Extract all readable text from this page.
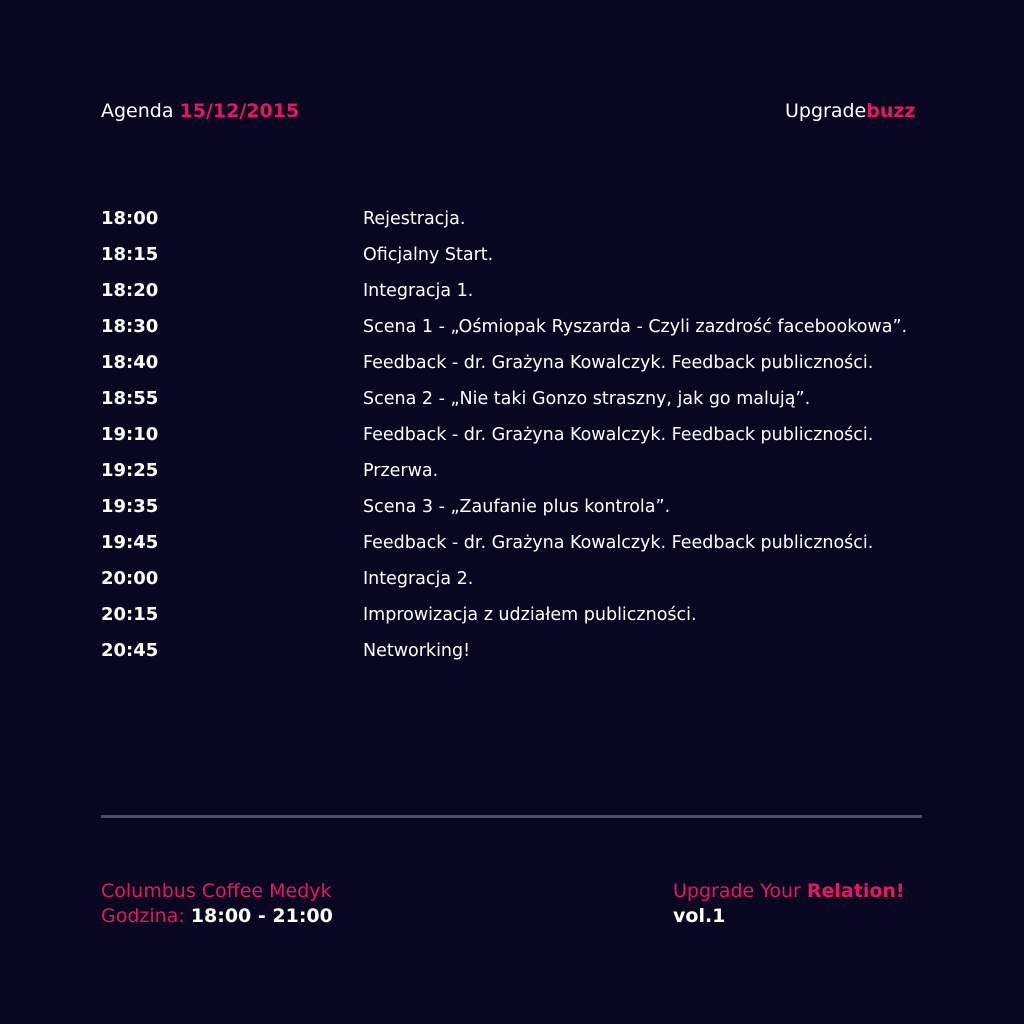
Agenda 15/12/2015	Upgradebuzz
18:00	Rejestracja.
18:15	Oficjalny Start.
18:20	Integracja 1.
18:30	Scena 1 - „Ośmiopak Ryszarda - Czyli zazdrość facebookowa”.
18:40	Feedback - dr. Grażyna Kowalczyk. Feedback publiczności.
18:55	Scena 2 - „Nie taki Gonzo straszny, jak go malują”.
19:10	Feedback - dr. Grażyna Kowalczyk. Feedback publiczności.
19:25	Przerwa.
19:35	Scena 3 - „Zaufanie plus kontrola”.
19:45	Feedback - dr. Grażyna Kowalczyk. Feedback publiczności.
20:00	Integracja 2.
20:15	Improwizacja z udziałem publiczności.
20:45	Networking!
Columbus Coffee Medyk
Godzina: 18:00 - 21:00
Upgrade Your Relation!
vol.1
